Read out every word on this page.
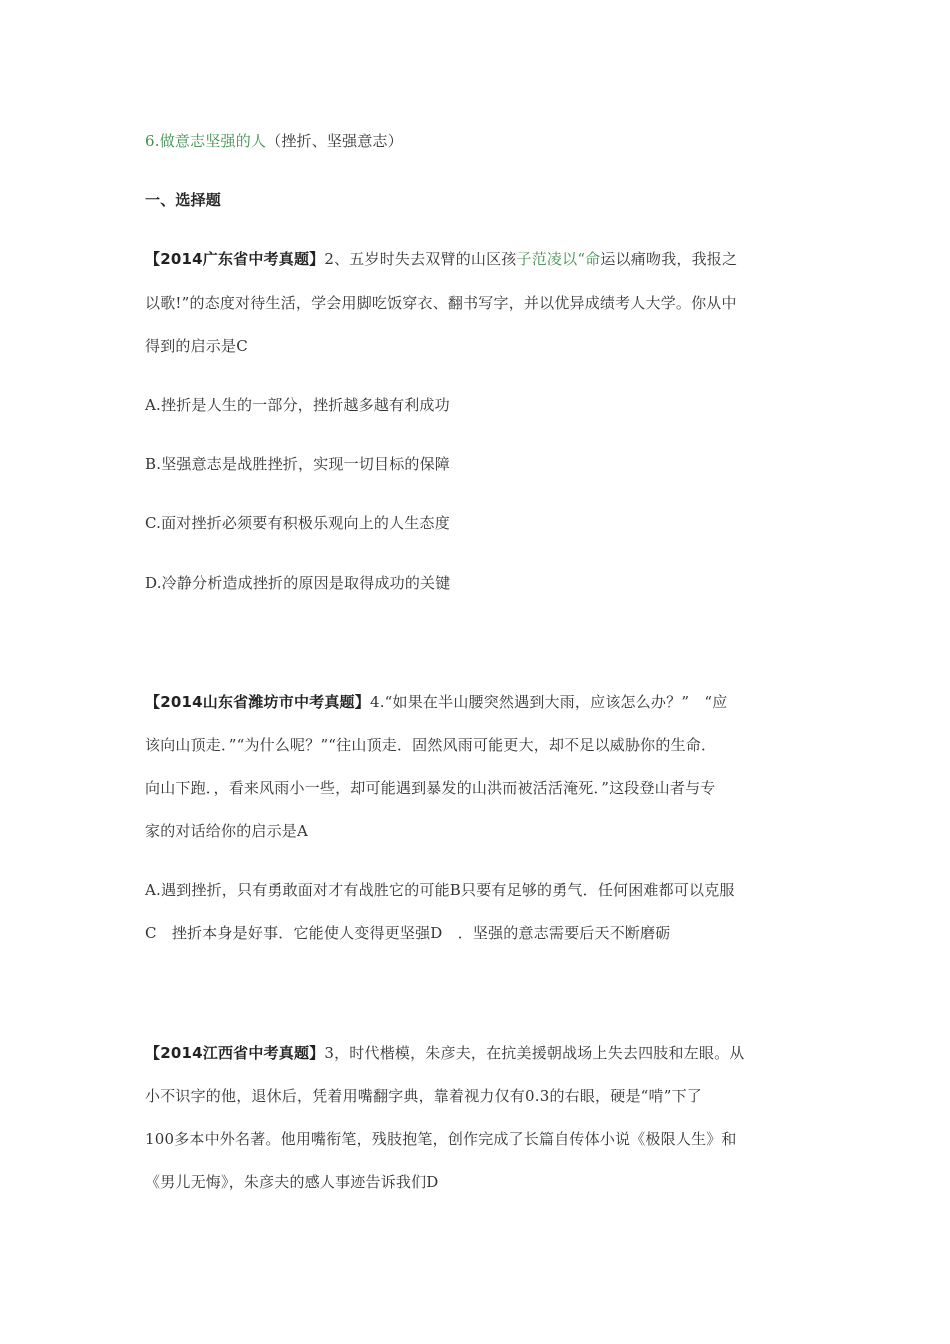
6.做意志坚强的人（挫折、坚强意志）
一、选择题
【2014广东省中考真题】2、五岁时失去双臂的山区孩子范凌以“命运以痛吻我，我报之
以歌!”的态度对待生活，学会用脚吃饭穿衣、翻书写字，并以优异成绩考人大学。你从中
得到的启示是C
A.挫折是人生的一部分，挫折越多越有利成功
B.坚强意志是战胜挫折，实现一切目标的保障
C.面对挫折必须要有积极乐观向上的人生态度
D.冷静分析造成挫折的原因是取得成功的关键
【2014山东省潍坊市中考真题】4.“如果在半山腰突然遇到大雨，应该怎么办？”　“应
该向山顶走．”“为什么呢？”“往山顶走．固然风雨可能更大，却不足以威胁你的生命．
向山下跑．，看来风雨小一些，却可能遇到暴发的山洪而被活活淹死．”这段登山者与专
家的对话给你的启示是A
A.遇到挫折，只有勇敢面对才有战胜它的可能B只要有足够的勇气．任何困难都可以克服
C　挫折本身是好事．它能使人变得更坚强D　．坚强的意志需要后天不断磨砺
【2014江西省中考真题】3，时代楷模，朱彦夫，在抗美援朝战场上失去四肢和左眼。从
小不识字的他，退休后，凭着用嘴翻字典，靠着视力仅有0.3的右眼，硬是“啃”下了
100多本中外名著。他用嘴衔笔，残肢抱笔，创作完成了长篇自传体小说《极限人生》和
《男儿无悔》，朱彦夫的感人事迹告诉我们D
